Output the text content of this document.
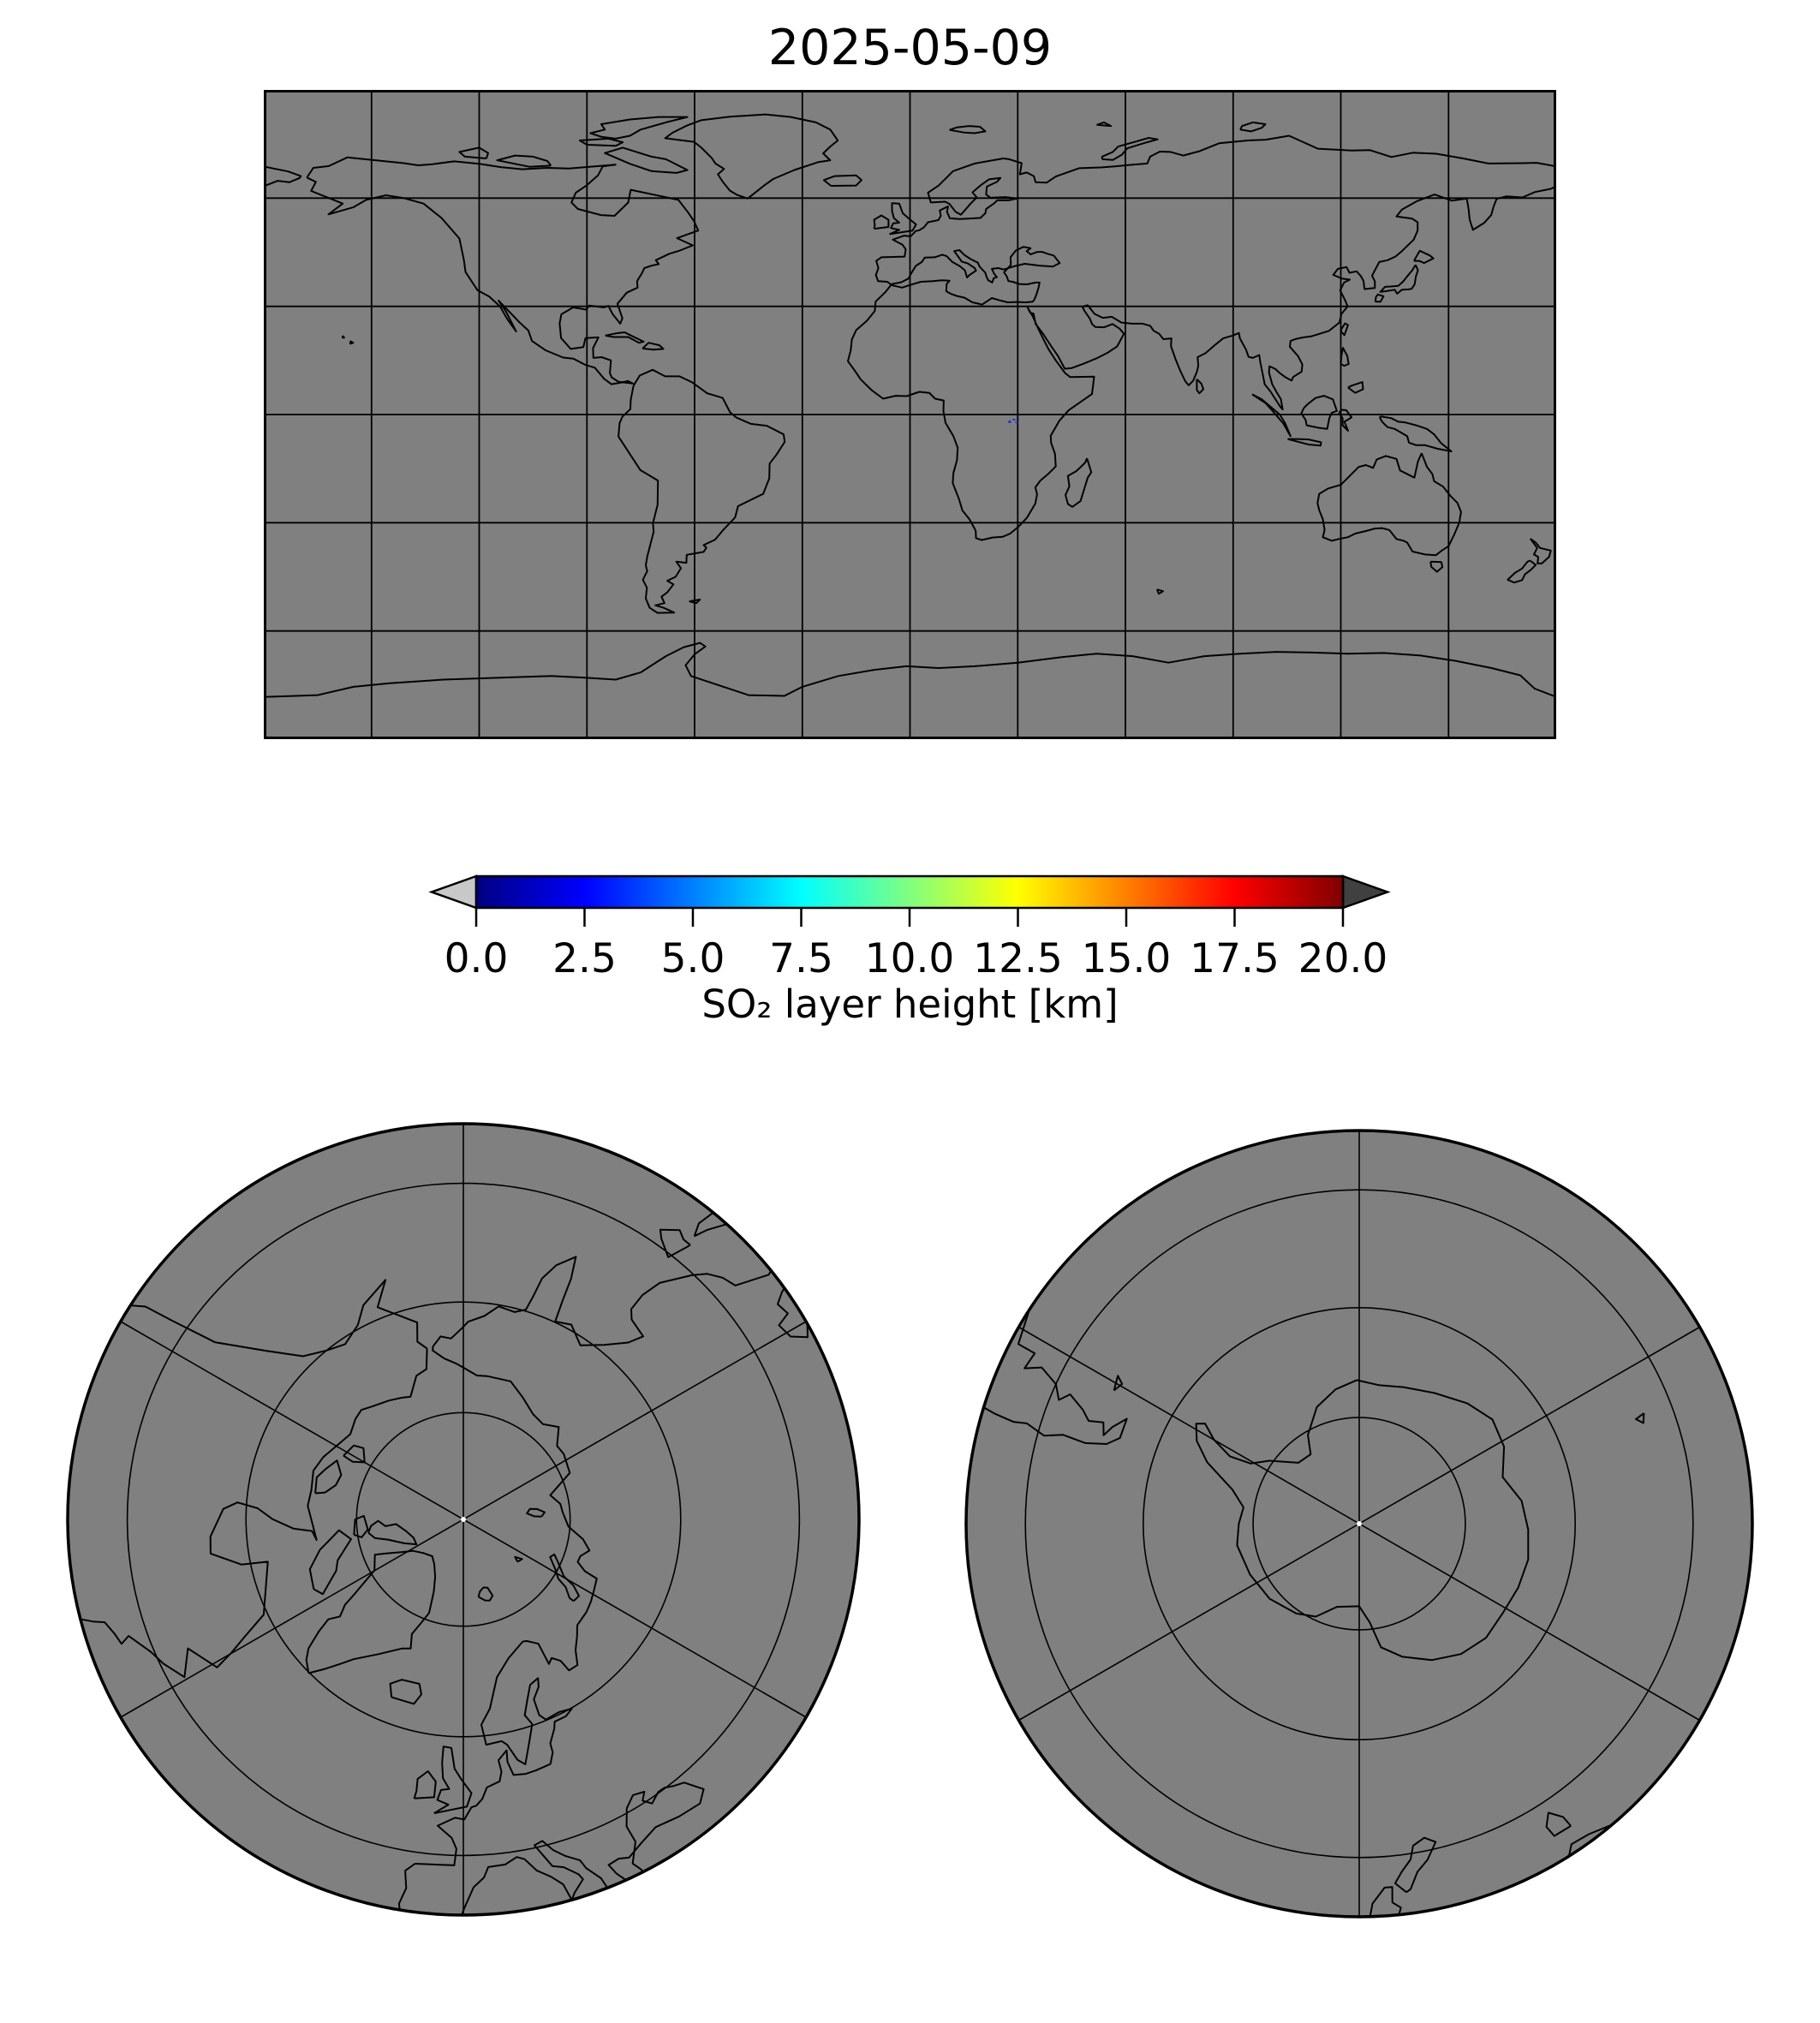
2025-05-09
0.0	2.5	5.0	7.5 10.0 12.5 15.0 17.5 20.0
SO₂ layer height [km]
